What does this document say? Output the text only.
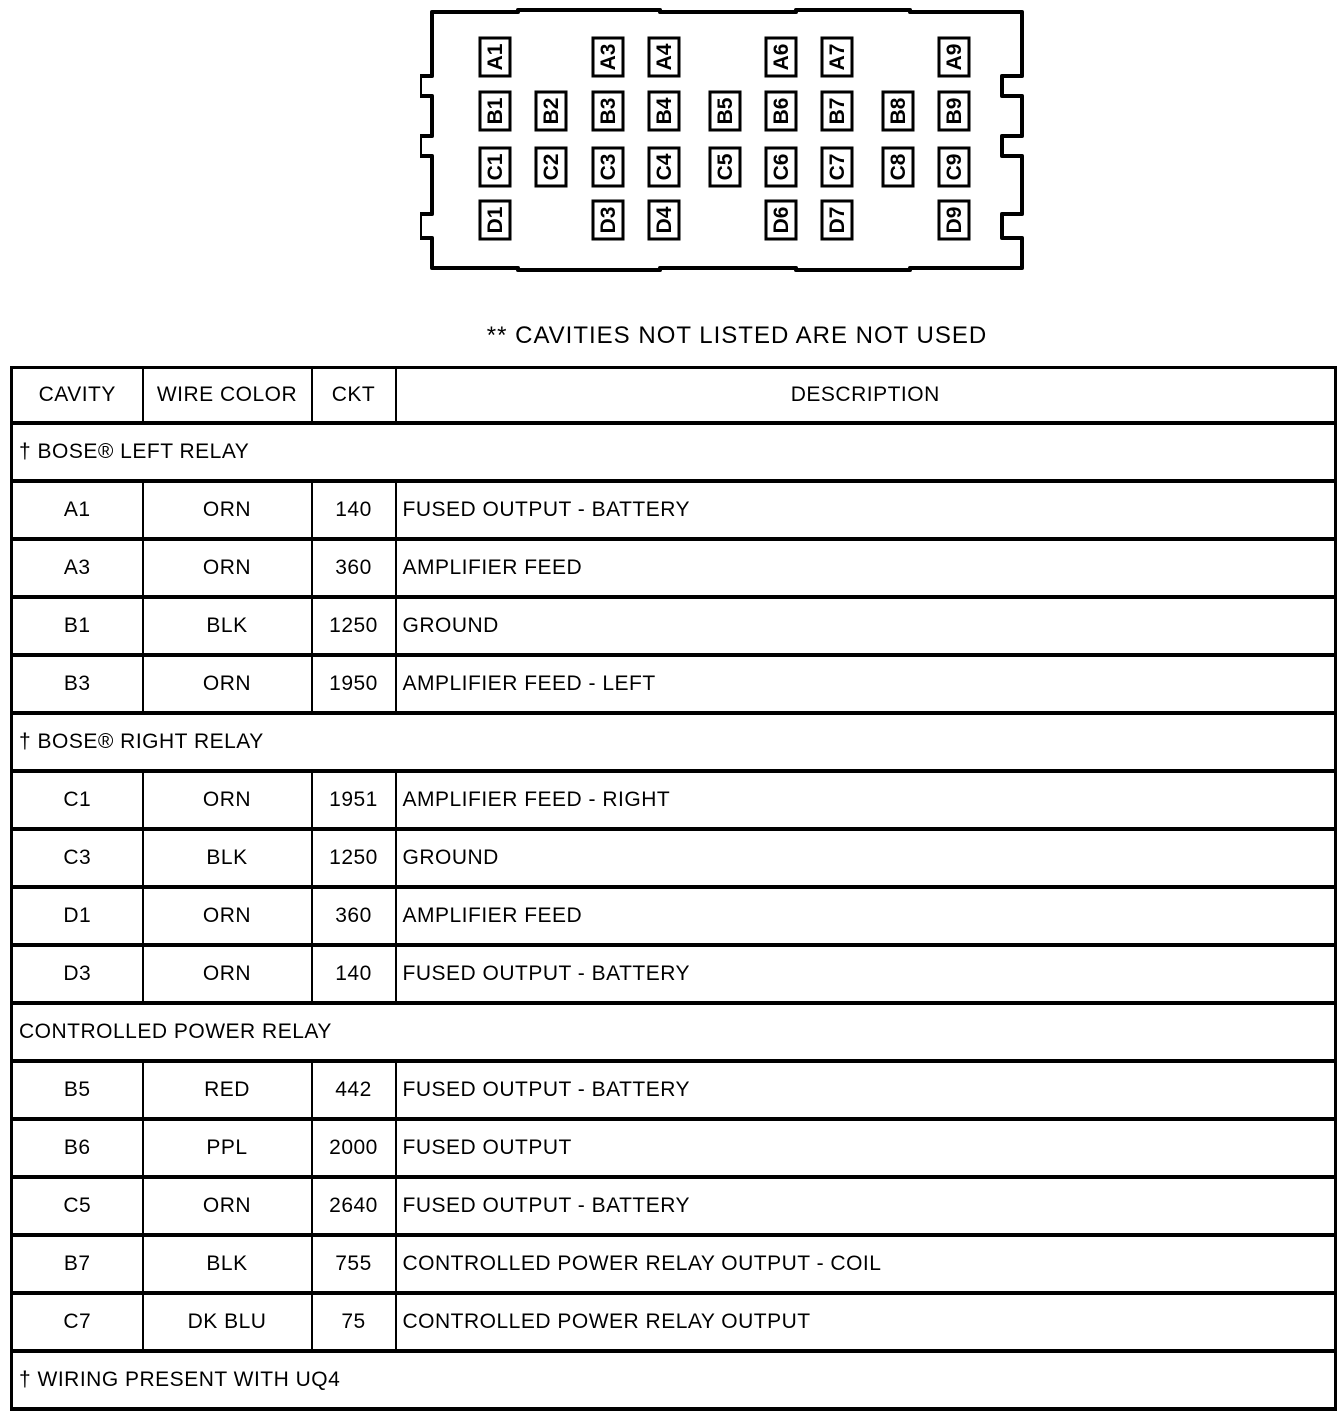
A1	A3 A4	A6 A7	A9
B1 B2 B3 B4 B5 B6 B7 B8 B9
C1 C2 C3 C4 C5 C6 C7 C8 C9
D1	D3 D4	D6 D7	D9
** CAVITIES NOT LISTED ARE NOT USED
CAVITY	WIRE COLOR	CKT	DESCRIPTION
† BOSE® LEFT RELAY			
A1	ORN	140	FUSED OUTPUT - BATTERY
A3	ORN	360	AMPLIFIER FEED
B1	BLK	1250	GROUND
B3	ORN	1950	AMPLIFIER FEED - LEFT
† BOSE® RIGHT RELAY			
C1	ORN	1951	AMPLIFIER FEED - RIGHT
C3	BLK	1250	GROUND
D1	ORN	360	AMPLIFIER FEED
D3	ORN	140	FUSED OUTPUT - BATTERY
CONTROLLED POWER RELAY			
B5	RED	442	FUSED OUTPUT - BATTERY
B6	PPL	2000	FUSED OUTPUT
C5	ORN	2640	FUSED OUTPUT - BATTERY
B7	BLK	755	CONTROLLED POWER RELAY OUTPUT - COIL
C7	DK BLU	75	CONTROLLED POWER RELAY OUTPUT
† WIRING PRESENT WITH UQ4			
